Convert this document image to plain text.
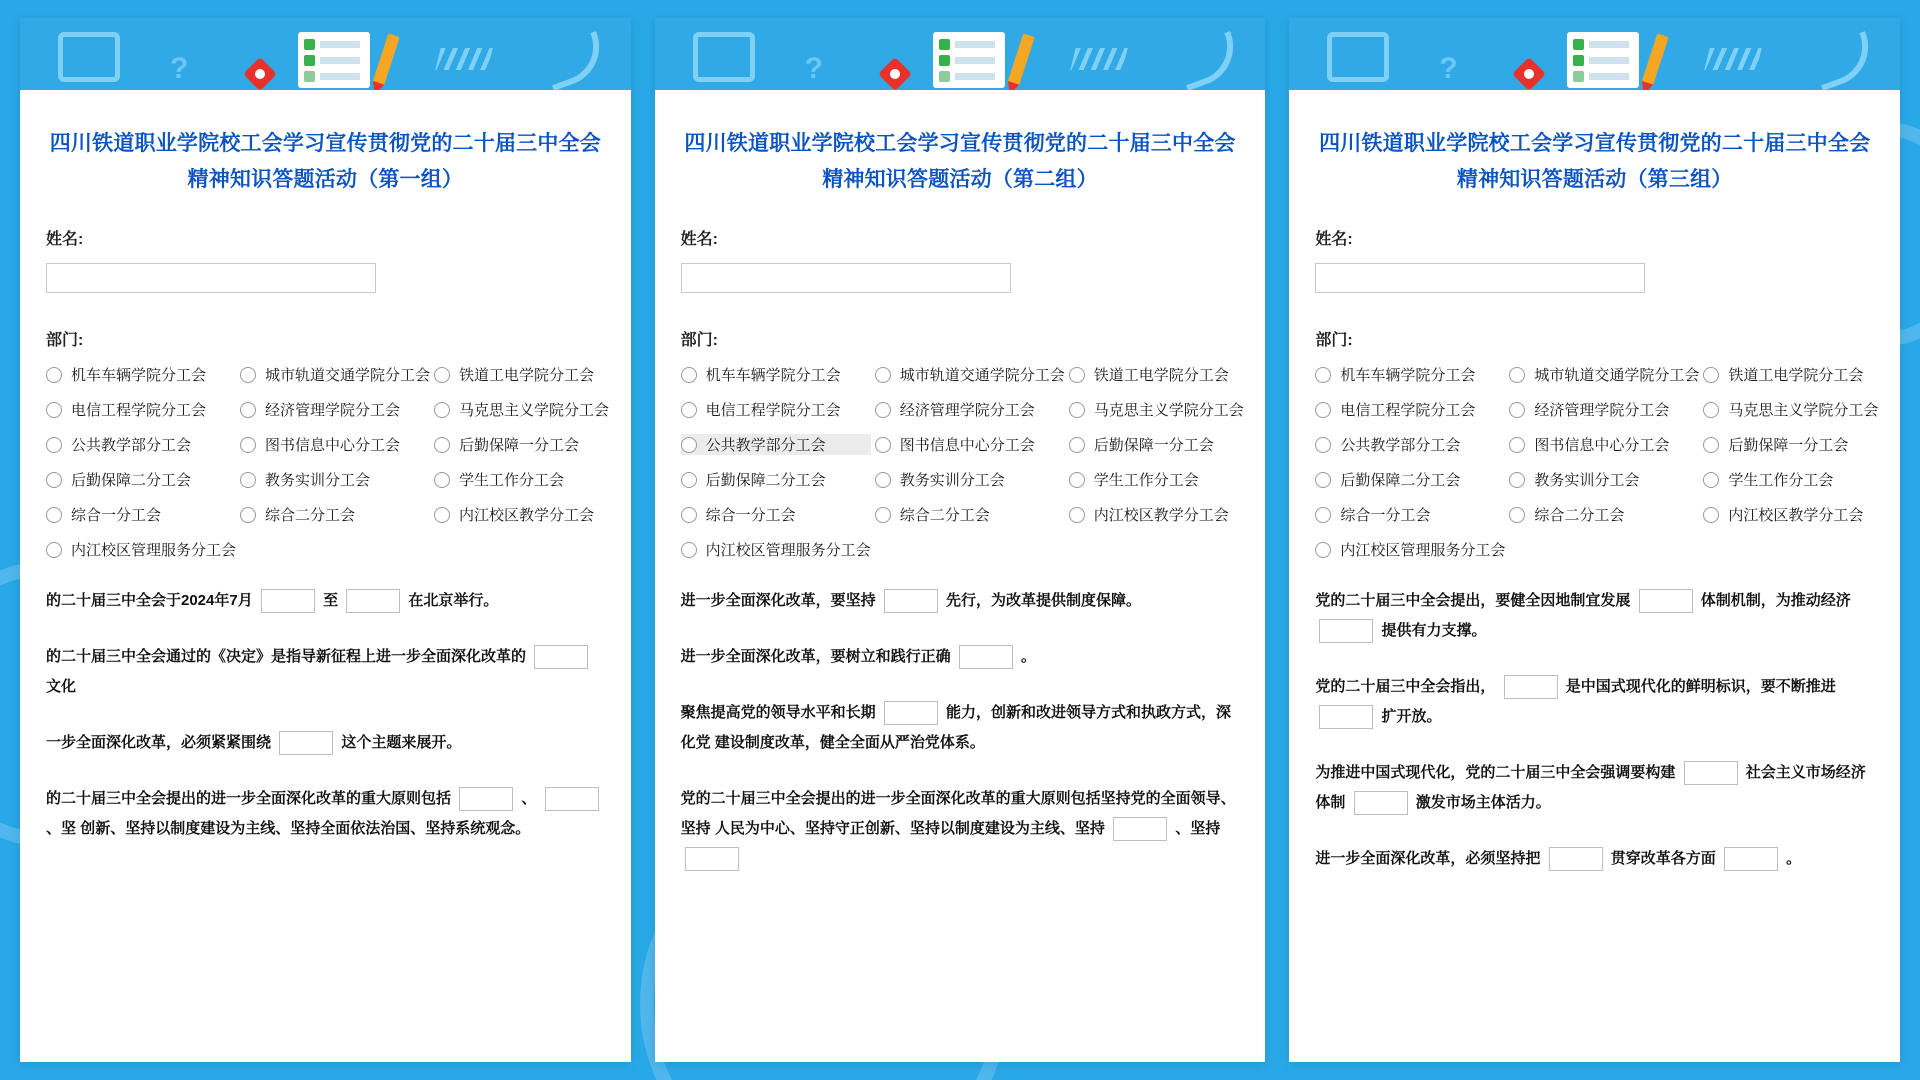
?
四川铁道职业学院校工会学习宣传贯彻党的二十届三中全会精神知识答题活动（第一组）
姓名:
部门:
机车车辆学院分工会	城市轨道交通学院分工会 铁道工电学院分工会
电信工程学院分工会	经济管理学院分工会	马克思主义学院分工会
公共教学部分工会	图书信息中心分工会	后勤保障一分工会
后勤保障二分工会	教务实训分工会	学生工作分工会
综合一分工会	综合二分工会	内江校区教学分工会
内江校区管理服务分工会
的二十届三中全会于2024年7月	至	在北京举行。
的二十届三中全会通过的《决定》是指导新征程上进一步全面深化改革的  文化
一步全面深化改革，必须紧紧围绕	这个主题来展开。
的二十届三中全会提出的进一步全面深化改革的重大原则包括	、  、坚 创新、坚持以制度建设为主线、坚持全面依法治国、坚持系统观念。
?
四川铁道职业学院校工会学习宣传贯彻党的二十届三中全会精神知识答题活动（第二组）
姓名:
部门:
机车车辆学院分工会	城市轨道交通学院分工会 铁道工电学院分工会
电信工程学院分工会	经济管理学院分工会	马克思主义学院分工会
公共教学部分工会	图书信息中心分工会	后勤保障一分工会
后勤保障二分工会	教务实训分工会	学生工作分工会
综合一分工会	综合二分工会	内江校区教学分工会
内江校区管理服务分工会
进一步全面深化改革，要坚持	先行，为改革提供制度保障。
进一步全面深化改革，要树立和践行正确	。
聚焦提高党的领导水平和长期	能力，创新和改进领导方式和执政方式，深化党 建设制度改革，健全全面从严治党体系。
党的二十届三中全会提出的进一步全面深化改革的重大原则包括坚持党的全面领导、坚持 人民为中心、坚持守正创新、坚持以制度建设为主线、坚持	、坚持
?
四川铁道职业学院校工会学习宣传贯彻党的二十届三中全会精神知识答题活动（第三组）
姓名:
部门:
机车车辆学院分工会	城市轨道交通学院分工会 铁道工电学院分工会
电信工程学院分工会	经济管理学院分工会	马克思主义学院分工会
公共教学部分工会	图书信息中心分工会	后勤保障一分工会
后勤保障二分工会	教务实训分工会	学生工作分工会
综合一分工会	综合二分工会	内江校区教学分工会
内江校区管理服务分工会
党的二十届三中全会提出，要健全因地制宜发展	体制机制，为推动经济  提供有力支撑。
党的二十届三中全会指出，	是中国式现代化的鲜明标识，要不断推进  扩开放。
为推进中国式现代化，党的二十届三中全会强调要构建	社会主义市场经济体制	激发市场主体活力。
进一步全面深化改革，必须坚持把	贯穿改革各方面	。
